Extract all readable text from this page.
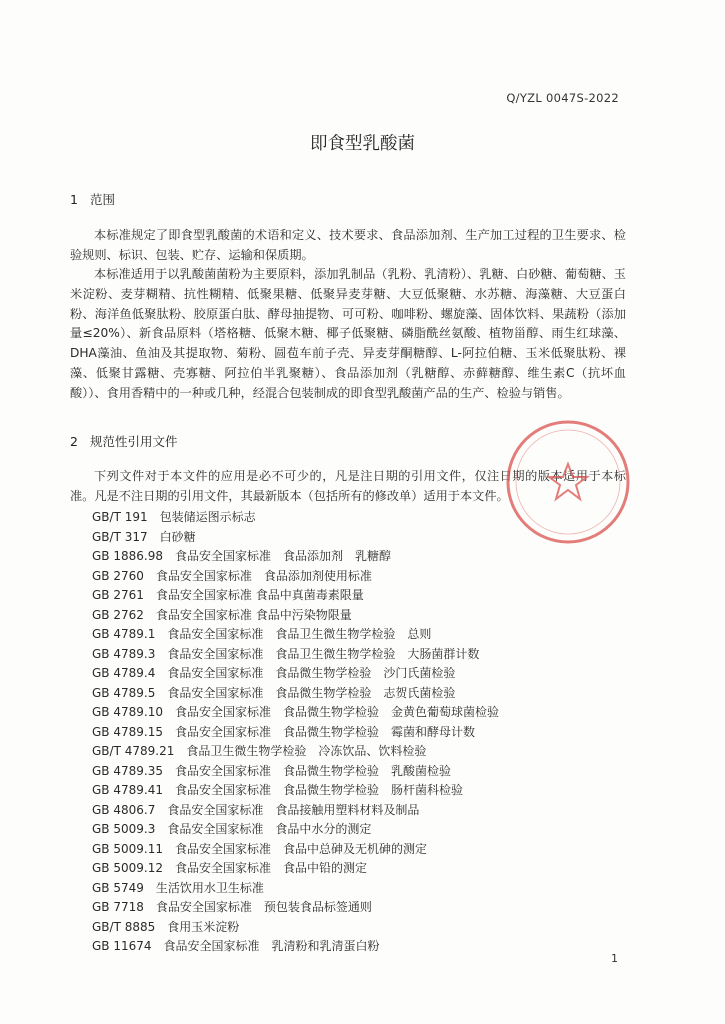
Q/YZL 0047S-2022
即食型乳酸菌
1 范围

本标准规定了即食型乳酸菌的术语和定义、技术要求、食品添加剂、生产加工过程的卫生要求、检验规则、标识、包装、贮存、运输和保质期。

本标准适用于以乳酸菌菌粉为主要原料，添加乳制品（乳粉、乳清粉）、乳糖、白砂糖、葡萄糖、玉米淀粉、麦芽糊精、抗性糊精、低聚果糖、低聚异麦芽糖、大豆低聚糖、水苏糖、海藻糖、大豆蛋白粉、海洋鱼低聚肽粉、胶原蛋白肽、酵母抽提物、可可粉、咖啡粉、螺旋藻、固体饮料、果蔬粉（添加量≤20%）、新食品原料（塔格糖、低聚木糖、椰子低聚糖、磷脂酰丝氨酸、植物甾醇、雨生红球藻、DHA藻油、鱼油及其提取物、菊粉、圆苞车前子壳、异麦芽酮糖醇、L-阿拉伯糖、玉米低聚肽粉、裸藻、低聚甘露糖、壳寡糖、阿拉伯半乳聚糖）、食品添加剂（乳糖醇、赤藓糖醇、维生素C（抗坏血酸））、食用香精中的一种或几种，经混合包装制成的即食型乳酸菌产品的生产、检验与销售。

2 规范性引用文件

下列文件对于本文件的应用是必不可少的，凡是注日期的引用文件，仅注日期的版本适用于本标准。凡是不注日期的引用文件，其最新版本（包括所有的修改单）适用于本文件。

GB/T 191 包装储运图示标志
GB/T 317 白砂糖
GB 1886.98 食品安全国家标准　食品添加剂　乳糖醇
GB 2760 食品安全国家标准　食品添加剂使用标准
GB 2761 食品安全国家标准 食品中真菌毒素限量
GB 2762 食品安全国家标准 食品中污染物限量
GB 4789.1 食品安全国家标准　食品卫生微生物学检验　总则
GB 4789.3 食品安全国家标准　食品卫生微生物学检验　大肠菌群计数
GB 4789.4 食品安全国家标准　食品微生物学检验　沙门氏菌检验
GB 4789.5 食品安全国家标准　食品微生物学检验　志贺氏菌检验
GB 4789.10 食品安全国家标准　食品微生物学检验　金黄色葡萄球菌检验
GB 4789.15 食品安全国家标准　食品微生物学检验　霉菌和酵母计数
GB/T 4789.21 食品卫生微生物学检验　冷冻饮品、饮料检验
GB 4789.35 食品安全国家标准　食品微生物学检验　乳酸菌检验
GB 4789.41 食品安全国家标准　食品微生物学检验　肠杆菌科检验
GB 4806.7 食品安全国家标准　食品接触用塑料材料及制品
GB 5009.3 食品安全国家标准　食品中水分的测定
GB 5009.11 食品安全国家标准　食品中总砷及无机砷的测定
GB 5009.12 食品安全国家标准　食品中铅的测定
GB 5749 生活饮用水卫生标准
GB 7718 食品安全国家标准　预包装食品标签通则
GB/T 8885 食用玉米淀粉
GB 11674 食品安全国家标准　乳清粉和乳清蛋白粉
1
